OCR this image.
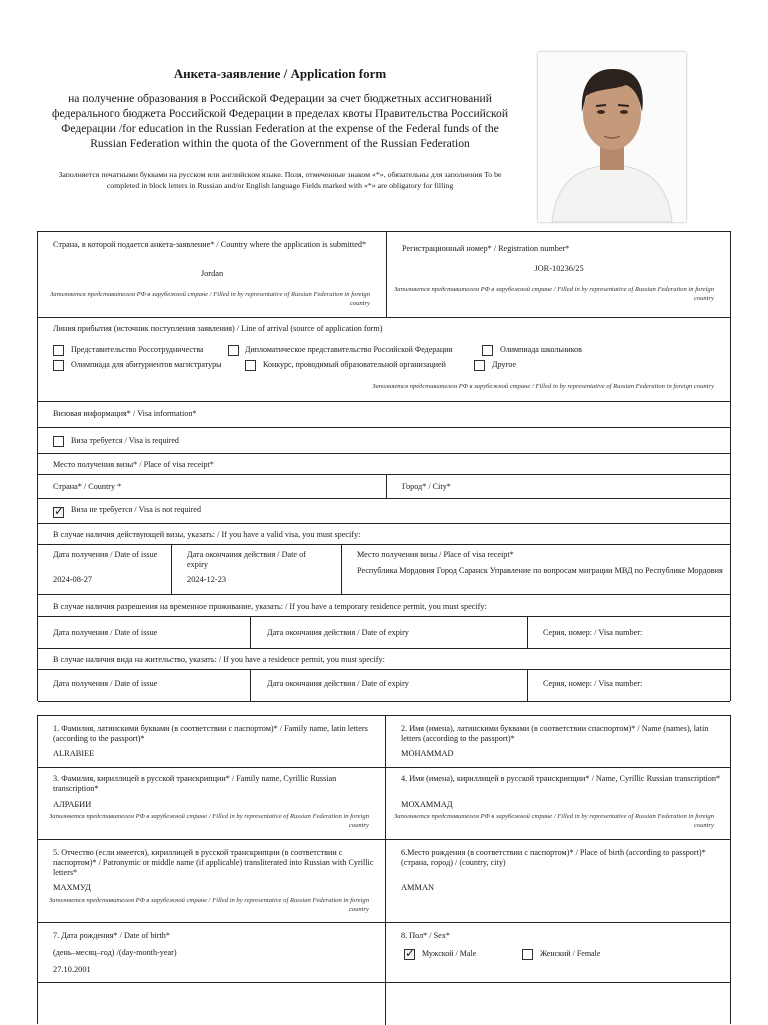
Анкета-заявление / Application form
на получение образования в Российской Федерации за счет бюджетных ассигнований федерального бюджета Российской Федерации в пределах квоты Правительства Российской Федерации /for education in the Russian Federation at the expense of the Federal funds of the Russian Federation within the quota of the Government of the Russian Federation
Заполняется печатными буквами на русском или английском языке. Поля, отмеченные знаком «*», обязательны для заполнения To be completed in block letters in Russian and/or English language Fields marked with «*» are obligatory for filling
Страна, в которой подается анкета-заявление* / Country where the application is submitted*
Jordan
Заполняется представителем РФ в зарубежной стране / Filled in by representative of Russian Federation in foreign country
Регистрационный номер* / Registration number*
JOR-10236/25
Заполняется представителем РФ в зарубежной стране / Filled in by representative of Russian Federation in foreign country
Линия прибытия (источник поступления заявления) / Line of arrival (source of application form)
Представительство Россотрудничества	Дипломатическое представительство Российской Федерации	Олимпиада школьников
Олимпиада для абитуриентов магистратуры	Конкурс, проводимый образовательной организацией	Другое
Заполняется представителем РФ в зарубежной стране / Filled in by representative of Russian Federation in foreign country
Визовая информация* / Visa information*
Виза требуется / Visa is required
Место получения визы* / Place of visa receipt*
Страна* / Country *	Город* / City*
✓
Виза не требуется / Visa is not required
В случае наличия действующей визы, указать: / If you have a valid visa, you must specify:
Дата получения / Date of issue
2024-08-27
Дата окончания действия / Date of expiry
2024-12-23
Место получения визы / Place of visa receipt*
Республика Мордовия Город Саранск Управление по вопросам миграции МВД по Республике Мордовия
В случае наличия разрешения на временное проживание, указать: / If you have a temporary residence permit, you must specify:
Дата получения / Date of issue	Дата окончания действия / Date of expiry	Серия, номер: / Visa number:
В случае наличия вида на жительство, указать: / If you have a residence permit, you must specify:
Дата получения / Date of issue	Дата окончания действия / Date of expiry	Серия, номер: / Visa number:
1. Фамилия, латинскими буквами (в соответствии с паспортом)* / Family name, latin letters (according to the passport)*
ALRABIEE
2. Имя (имена), латинскими буквами (в соответствии спаспортом)* / Name (names), latin letters (according to the passport)*
MOHAMMAD
3. Фамилия, кириллицей в русской транскрипции* / Family name, Cyrillic Russian transcription*
АЛРАБИИ
Заполняется представителем РФ в зарубежной стране / Filled in by representative of Russian Federation in foreign country
4. Имя (имена), кириллицей в русской транскрипции* / Name, Cyrillic Russian transcription*
МОХАММАД
Заполняется представителем РФ в зарубежной стране / Filled in by representative of Russian Federation in foreign country
5. Отчество (если имеется), кириллицей в русской транскрипции (в соответствии с паспортом)* / Patronymic or middle name (if applicable) transliterated into Russian with Cyrillic letters*
МАХМУД
Заполняется представителем РФ в зарубежной стране / Filled in by representative of Russian Federation in foreign country
6.Место рождения (в соответствии с паспортом)* / Place of birth (according to passport)* (страна, город) / (country, city)
AMMAN
7. Дата рождения* / Date of birth*
(день–месяц–год) /(day-month-year)
27.10.2001
8. Пол* / Sex*
✓
Мужской / Male	Женский / Female
